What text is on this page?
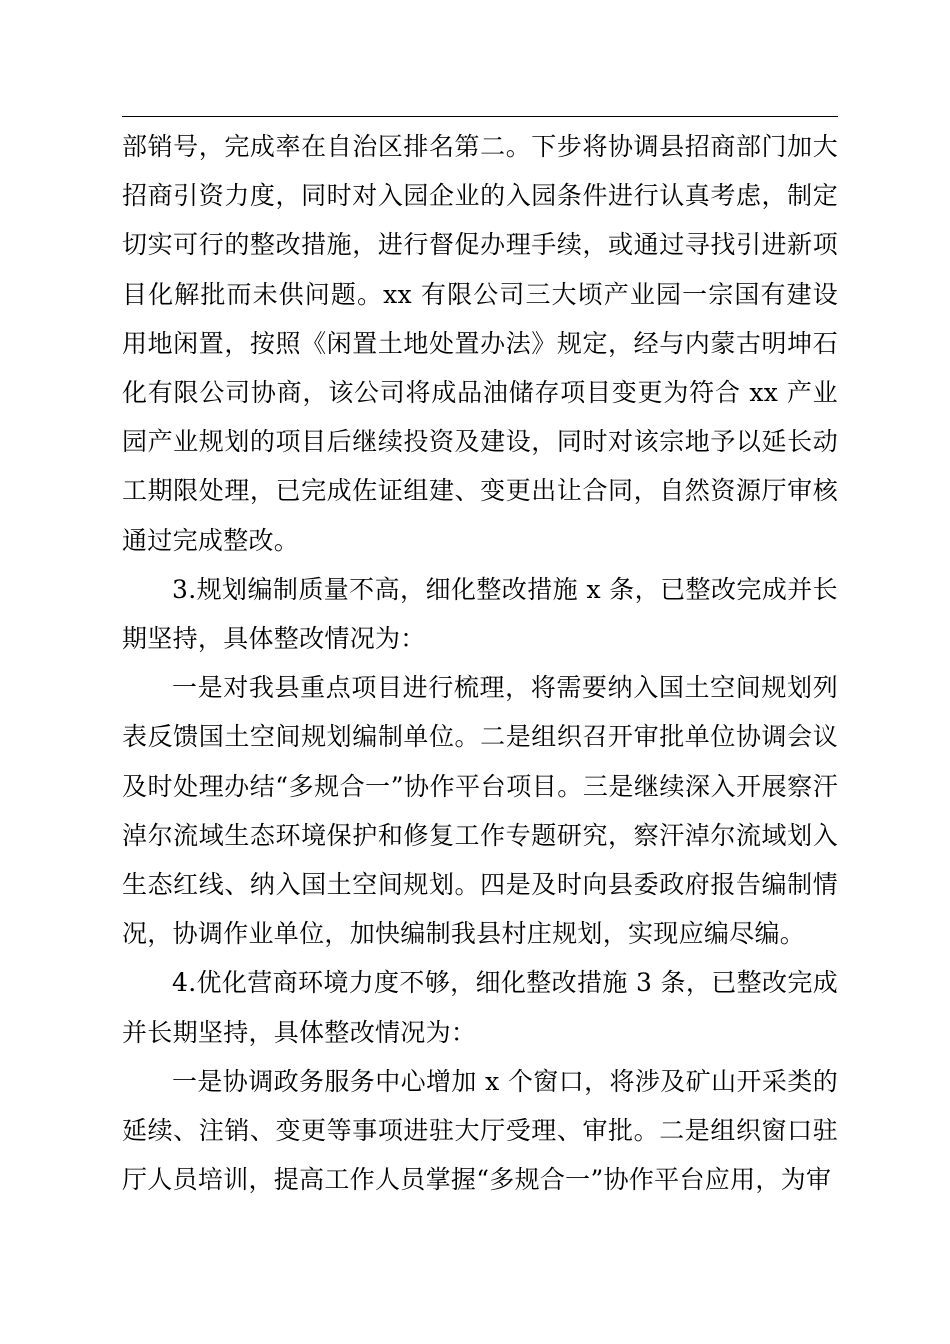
部销号，完成率在自治区排名第二。下步将协调县招商部门加大招商引资力度，同时对入园企业的入园条件进行认真考虑，制定切实可行的整改措施，进行督促办理手续，或通过寻找引进新项目化解批而未供问题。xx 有限公司三大顷产业园一宗国有建设用地闲置，按照《闲置土地处置办法》规定，经与内蒙古明坤石化有限公司协商，该公司将成品油储存项目变更为符合 xx 产业园产业规划的项目后继续投资及建设，同时对该宗地予以延长动工期限处理，已完成佐证组建、变更出让合同，自然资源厅审核通过完成整改。

3.规划编制质量不高，细化整改措施 x 条，已整改完成并长期坚持，具体整改情况为：

一是对我县重点项目进行梳理，将需要纳入国土空间规划列表反馈国土空间规划编制单位。二是组织召开审批单位协调会议及时处理办结“多规合一”协作平台项目。三是继续深入开展察汗淖尔流域生态环境保护和修复工作专题研究，察汗淖尔流域划入生态红线、纳入国土空间规划。四是及时向县委政府报告编制情况，协调作业单位，加快编制我县村庄规划，实现应编尽编。

4.优化营商环境力度不够，细化整改措施 3 条，已整改完成并长期坚持，具体整改情况为：

一是协调政务服务中心增加 x 个窗口，将涉及矿山开采类的延续、注销、变更等事项进驻大厅受理、审批。二是组织窗口驻厅人员培训，提高工作人员掌握“多规合一”协作平台应用，为审
